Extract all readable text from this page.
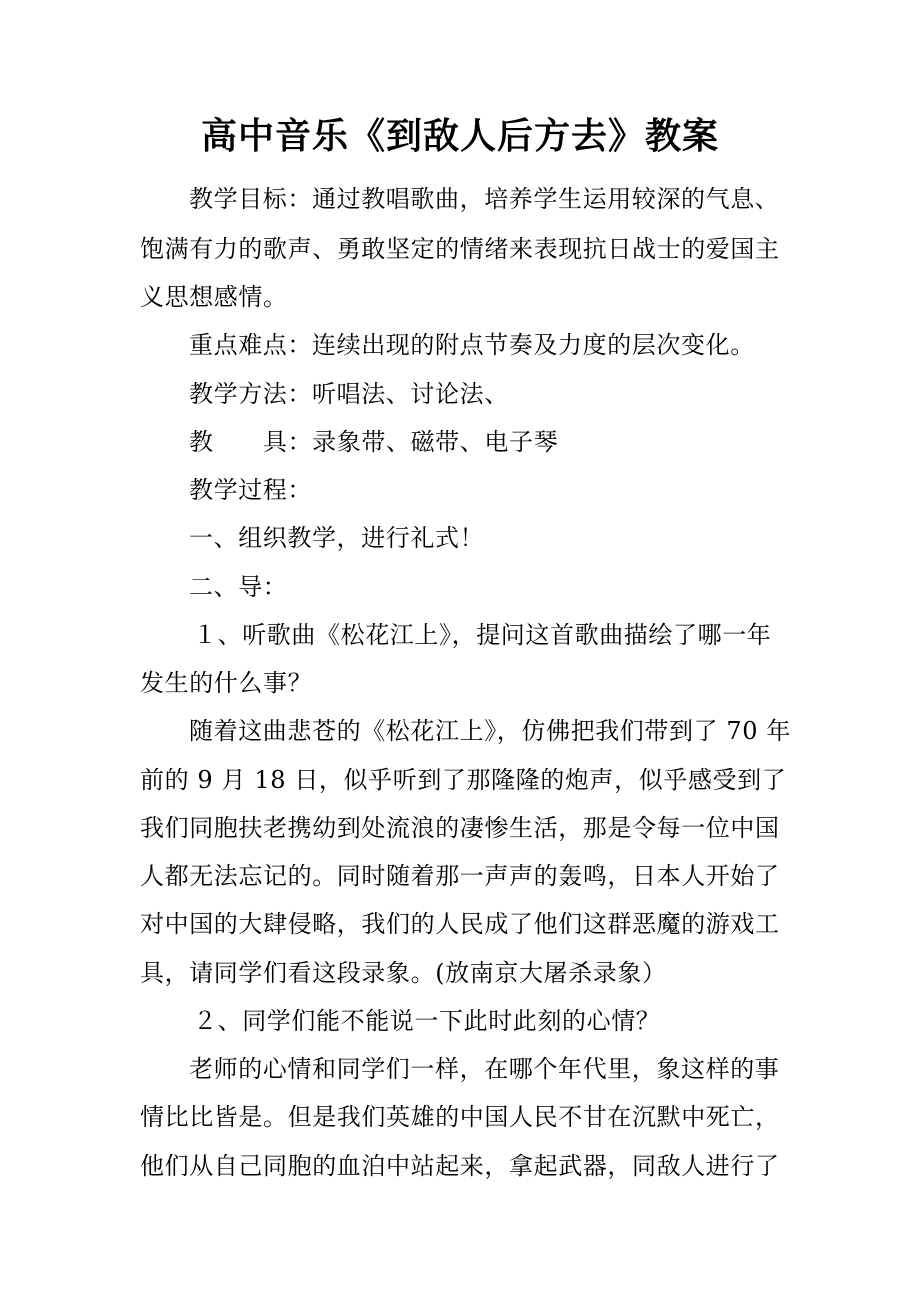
高中音乐《到敌人后方去》教案
教学目标：通过教唱歌曲，培养学生运用较深的气息、
饱满有力的歌声、勇敢坚定的情绪来表现抗日战士的爱国主
义思想感情。
重点难点：连续出现的附点节奏及力度的层次变化。
教学方法：听唱法、讨论法、
教      具：录象带、磁带、电子琴
教学过程：
一、组织教学，进行礼式！
二、导：
１、听歌曲《松花江上》，提问这首歌曲描绘了哪一年
发生的什么事？
随着这曲悲苍的《松花江上》，仿佛把我们带到了 70 年
前的 9 月 18 日，似乎听到了那隆隆的炮声，似乎感受到了
我们同胞扶老携幼到处流浪的凄惨生活，那是令每一位中国
人都无法忘记的。同时随着那一声声的轰鸣，日本人开始了
对中国的大肆侵略，我们的人民成了他们这群恶魔的游戏工
具，请同学们看这段录象。(放南京大屠杀录象）
２、同学们能不能说一下此时此刻的心情？
老师的心情和同学们一样，在哪个年代里，象这样的事
情比比皆是。但是我们英雄的中国人民不甘在沉默中死亡，
他们从自己同胞的血泊中站起来，拿起武器，同敌人进行了
